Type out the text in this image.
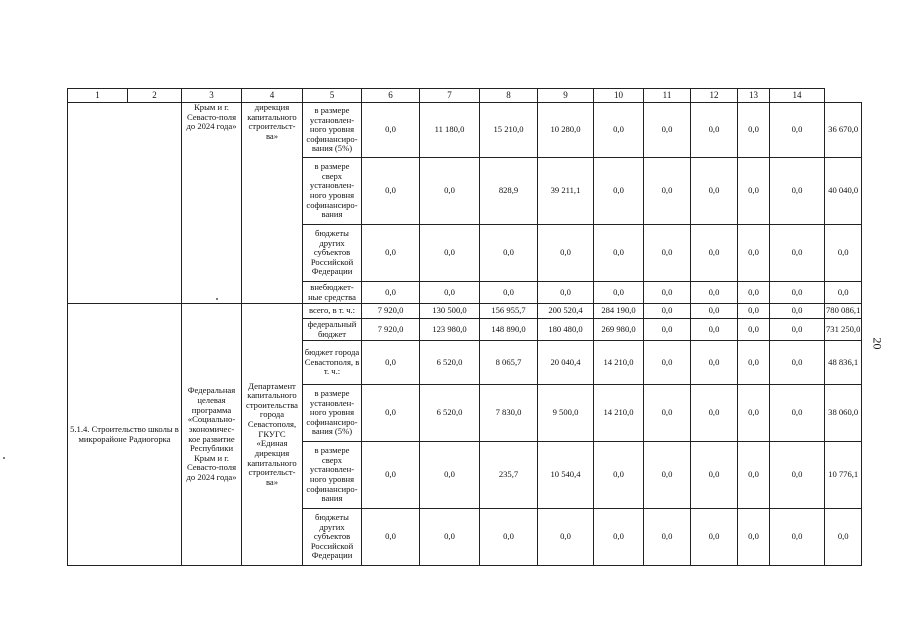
1	2	3	4	5	6	7	8	9	10	11	12	13	14	
		Крым и г. Севасто-поля до 2024 года»	дирекция капитального строительст-ва»	в размере установлен-ного уровня софинансиро-вания (5%)	0,0	11 180,0	15 210,0	10 280,0	0,0	0,0	0,0	0,0	0,0	36 670,0
				в размере сверх установлен-ного уровня софинансиро-вания	0,0	0,0	828,9	39 211,1	0,0	0,0	0,0	0,0	0,0	40 040,0
				бюджеты других субъектов Российской Федерации	0,0	0,0	0,0	0,0	0,0	0,0	0,0	0,0	0,0	0,0
				внебюджет-ные средства	0,0	0,0	0,0	0,0	0,0	0,0	0,0	0,0	0,0	0,0
5.1.4. Строительство школы в микрорайоне Радиогорка		Федеральная целевая программа «Социально-экономичес-кое развитие Республики Крым и г. Севасто-поля до 2024 года»	Департамент капитального строительства города Севастополя, ГКУГС «Единая дирекция капитального строительст-ва»	всего, в т. ч.:	7 920,0	130 500,0	156 955,7	200 520,4	284 190,0	0,0	0,0	0,0	0,0	780 086,1
				федеральный бюджет	7 920,0	123 980,0	148 890,0	180 480,0	269 980,0	0,0	0,0	0,0	0,0	731 250,0
				бюджет города Севастополя, в т. ч.:	0,0	6 520,0	8 065,7	20 040,4	14 210,0	0,0	0,0	0,0	0,0	48 836,1
				в размере установлен-ного уровня софинансиро-вания (5%)	0,0	6 520,0	7 830,0	9 500,0	14 210,0	0,0	0,0	0,0	0,0	38 060,0
				в размере сверх установлен-ного уровня софинансиро-вания	0,0	0,0	235,7	10 540,4	0,0	0,0	0,0	0,0	0,0	10 776,1
				бюджеты других субъектов Российской Федерации	0,0	0,0	0,0	0,0	0,0	0,0	0,0	0,0	0,0	0,0
20
